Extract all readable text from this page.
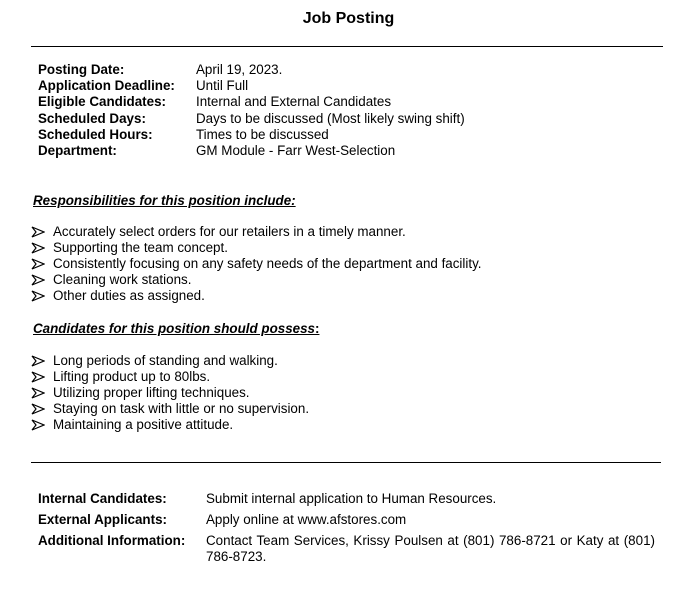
Job Posting
Posting Date:	April 19, 2023.
Application Deadline: Until Full
Eligible Candidates: Internal and External Candidates
Scheduled Days:	Days to be discussed (Most likely swing shift)
Scheduled Hours:	Times to be discussed
Department:	GM Module - Farr West-Selection
Responsibilities for this position include:
Accurately select orders for our retailers in a timely manner.
Supporting the team concept.
Consistently focusing on any safety needs of the department and facility.
Cleaning work stations.
Other duties as assigned.
Candidates for this position should possess:
Long periods of standing and walking.
Lifting product up to 80lbs.
Utilizing proper lifting techniques.
Staying on task with little or no supervision.
Maintaining a positive attitude.
Internal Candidates:	Submit internal application to Human Resources.
External Applicants:	Apply online at www.afstores.com
Additional Information:	Contact Team Services, Krissy Poulsen at (801) 786-8721 or Katy at (801) 786-8723.
